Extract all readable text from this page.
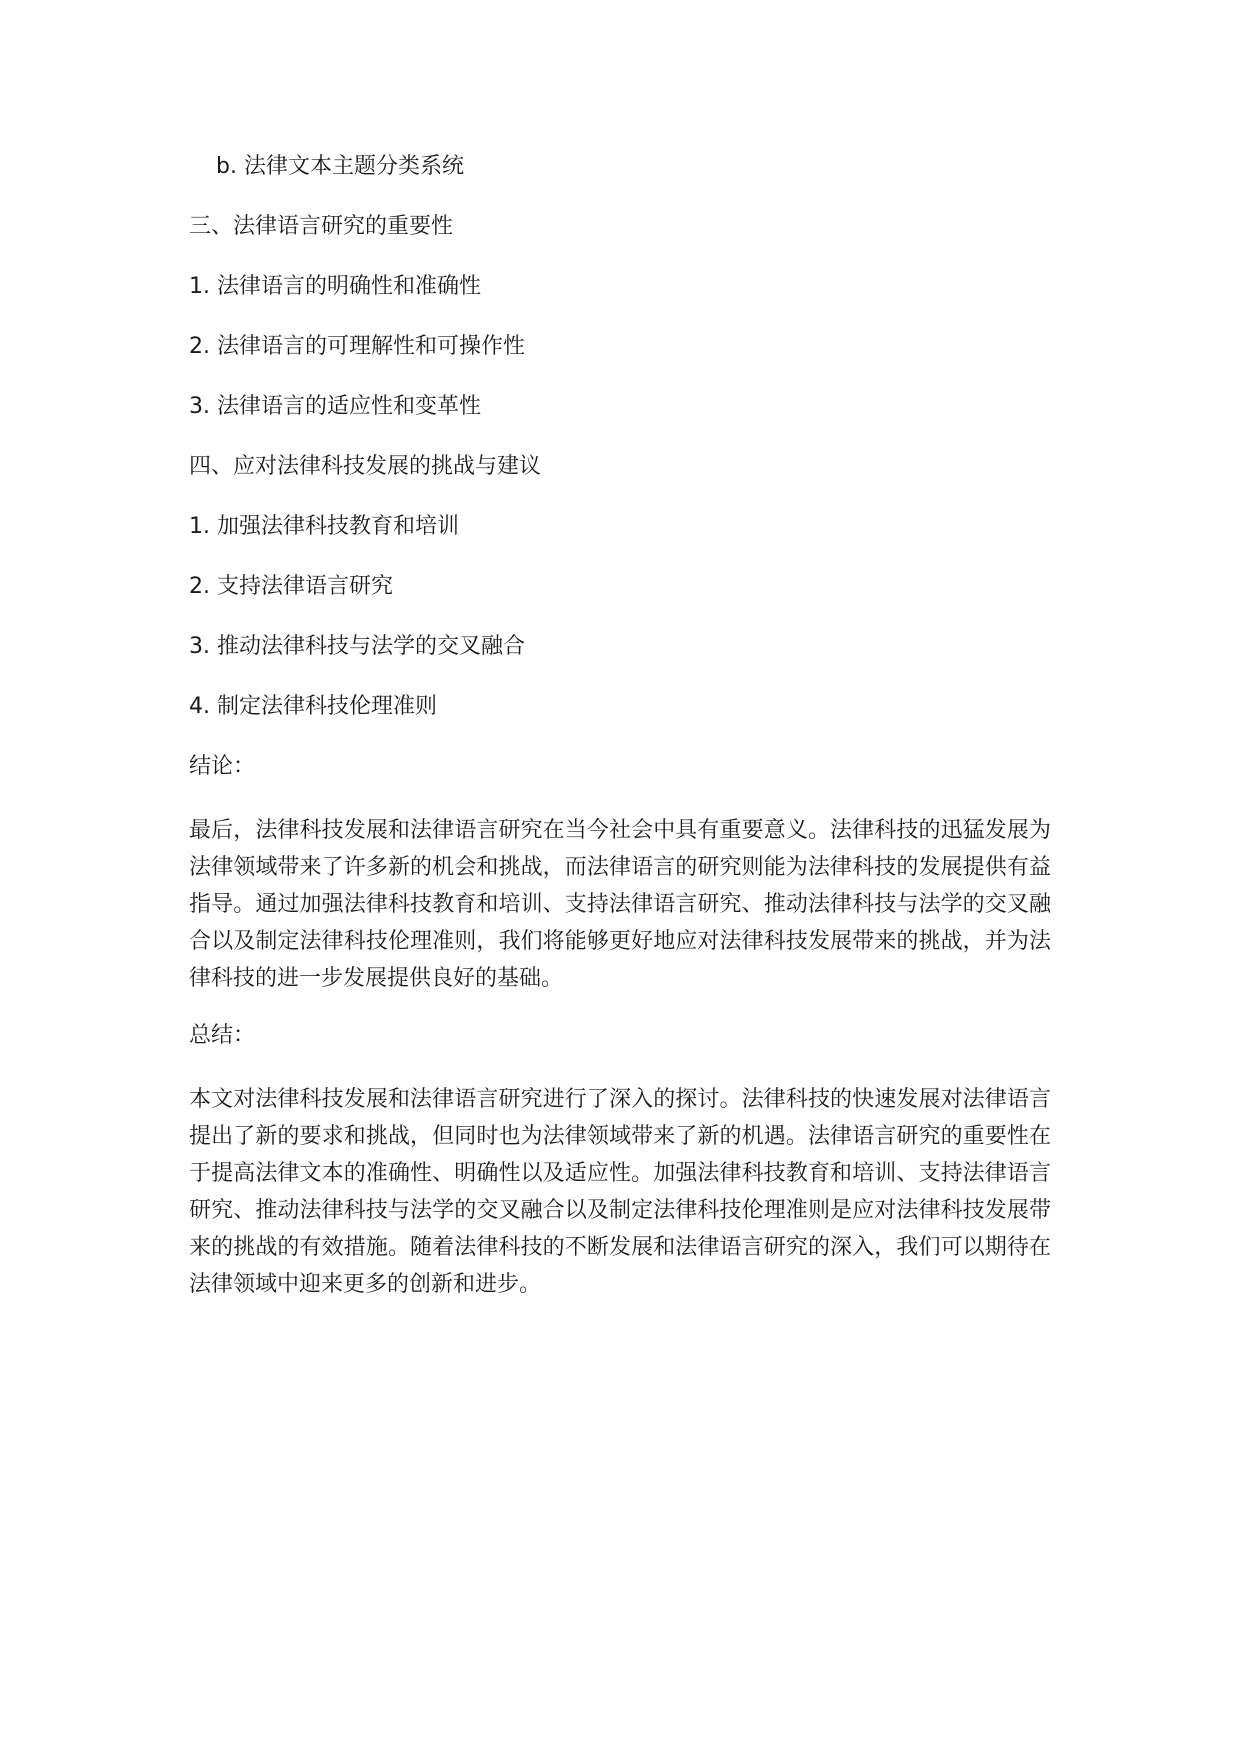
b. 法律文本主题分类系统
三、法律语言研究的重要性
1. 法律语言的明确性和准确性
2. 法律语言的可理解性和可操作性
3. 法律语言的适应性和变革性
四、应对法律科技发展的挑战与建议
1. 加强法律科技教育和培训
2. 支持法律语言研究
3. 推动法律科技与法学的交叉融合
4. 制定法律科技伦理准则
结论：
最后，法律科技发展和法律语言研究在当今社会中具有重要意义。法律科技的迅猛发展为法律领域带来了许多新的机会和挑战，而法律语言的研究则能为法律科技的发展提供有益指导。通过加强法律科技教育和培训、支持法律语言研究、推动法律科技与法学的交叉融合以及制定法律科技伦理准则，我们将能够更好地应对法律科技发展带来的挑战，并为法律科技的进一步发展提供良好的基础。
总结：
本文对法律科技发展和法律语言研究进行了深入的探讨。法律科技的快速发展对法律语言提出了新的要求和挑战，但同时也为法律领域带来了新的机遇。法律语言研究的重要性在于提高法律文本的准确性、明确性以及适应性。加强法律科技教育和培训、支持法律语言研究、推动法律科技与法学的交叉融合以及制定法律科技伦理准则是应对法律科技发展带来的挑战的有效措施。随着法律科技的不断发展和法律语言研究的深入，我们可以期待在法律领域中迎来更多的创新和进步。
